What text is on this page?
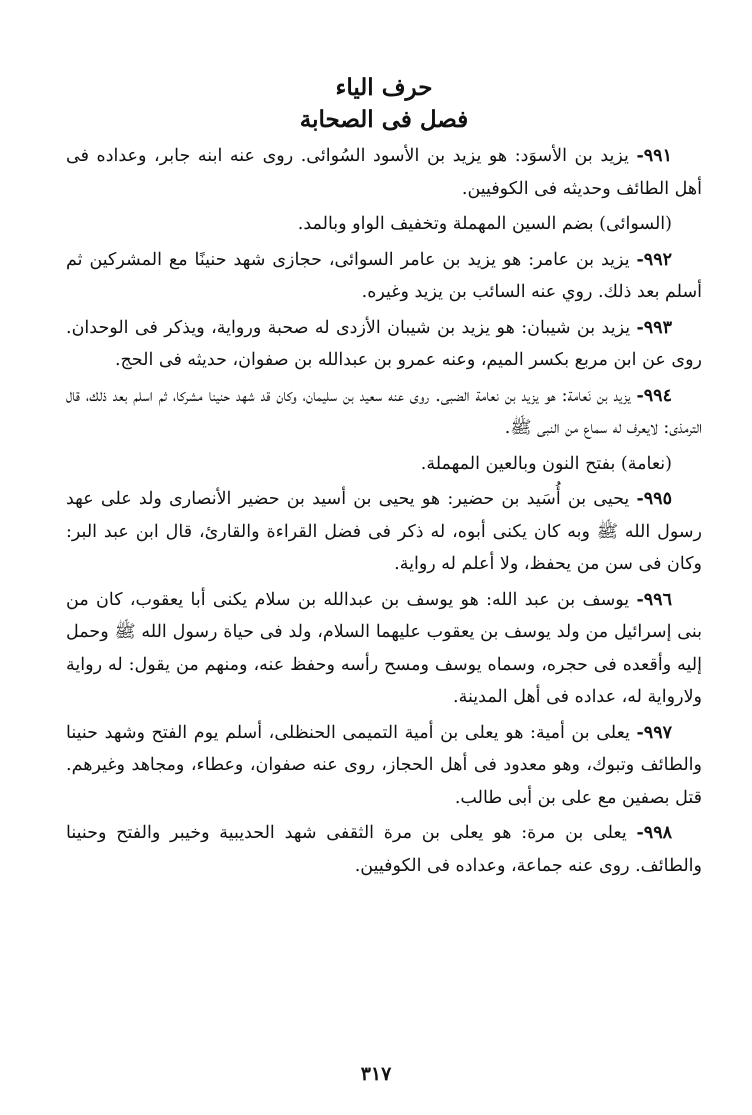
حرف الياء
فصل فى الصحابة

٩٩١- يزيد بن الأسوَد: هو يزيد بن الأسود السُوائى. روى عنه ابنه جابر، وعداده فى أهل الطائف وحديثه فى الكوفيين.

(السوائى) بضم السين المهملة وتخفيف الواو وبالمد.

٩٩٢- يزيد بن عامر: هو يزيد بن عامر السوائى، حجازى شهد حنينًا مع المشركين ثم أسلم بعد ذلك. روي عنه السائب بن يزيد وغيره.

٩٩٣- يزيد بن شيبان: هو يزيد بن شيبان الأزدى له صحبة ورواية، ويذكر فى الوحدان. روى عن ابن مربع بكسر الميم، وعنه عمرو بن عبدالله بن صفوان، حديثه فى الحج.

٩٩٤- يزيد بن نَعامة: هو يزيد بن نعامة الضبى. روى عنه سعيد بن سليمان، وكان قد شهد حنينا مشركا، ثم اسلم بعد ذلك، قال الترمذى: لايعرف له سماع من النبى ﷺ.

(نعامة) بفتح النون وبالعين المهملة.

٩٩٥- يحيى بن أُسَيد بن حضير: هو يحيى بن أسيد بن حضير الأنصارى ولد على عهد رسول الله ﷺ وبه كان يكنى أبوه، له ذكر فى فضل القراءة والقارئ، قال ابن عبد البر: وكان فى سن من يحفظ، ولا أعلم له رواية.

٩٩٦- يوسف بن عبد الله: هو يوسف بن عبدالله بن سلام يكنى أبا يعقوب، كان من بنى إسرائيل من ولد يوسف بن يعقوب عليهما السلام، ولد فى حياة رسول الله ﷺ وحمل إليه وأقعده فى حجره، وسماه يوسف ومسح رأسه وحفظ عنه، ومنهم من يقول: له رواية ولارواية له، عداده فى أهل المدينة.

٩٩٧- يعلى بن أمية: هو يعلى بن أمية التميمى الحنظلى، أسلم يوم الفتح وشهد حنينا والطائف وتبوك، وهو معدود فى أهل الحجاز، روى عنه صفوان، وعطاء، ومجاهد وغيرهم. قتل بصفين مع على بن أبى طالب.

٩٩٨- يعلى بن مرة: هو يعلى بن مرة الثقفى شهد الحديبية وخيبر والفتح وحنينا والطائف. روى عنه جماعة، وعداده فى الكوفيين.

٣١٧
